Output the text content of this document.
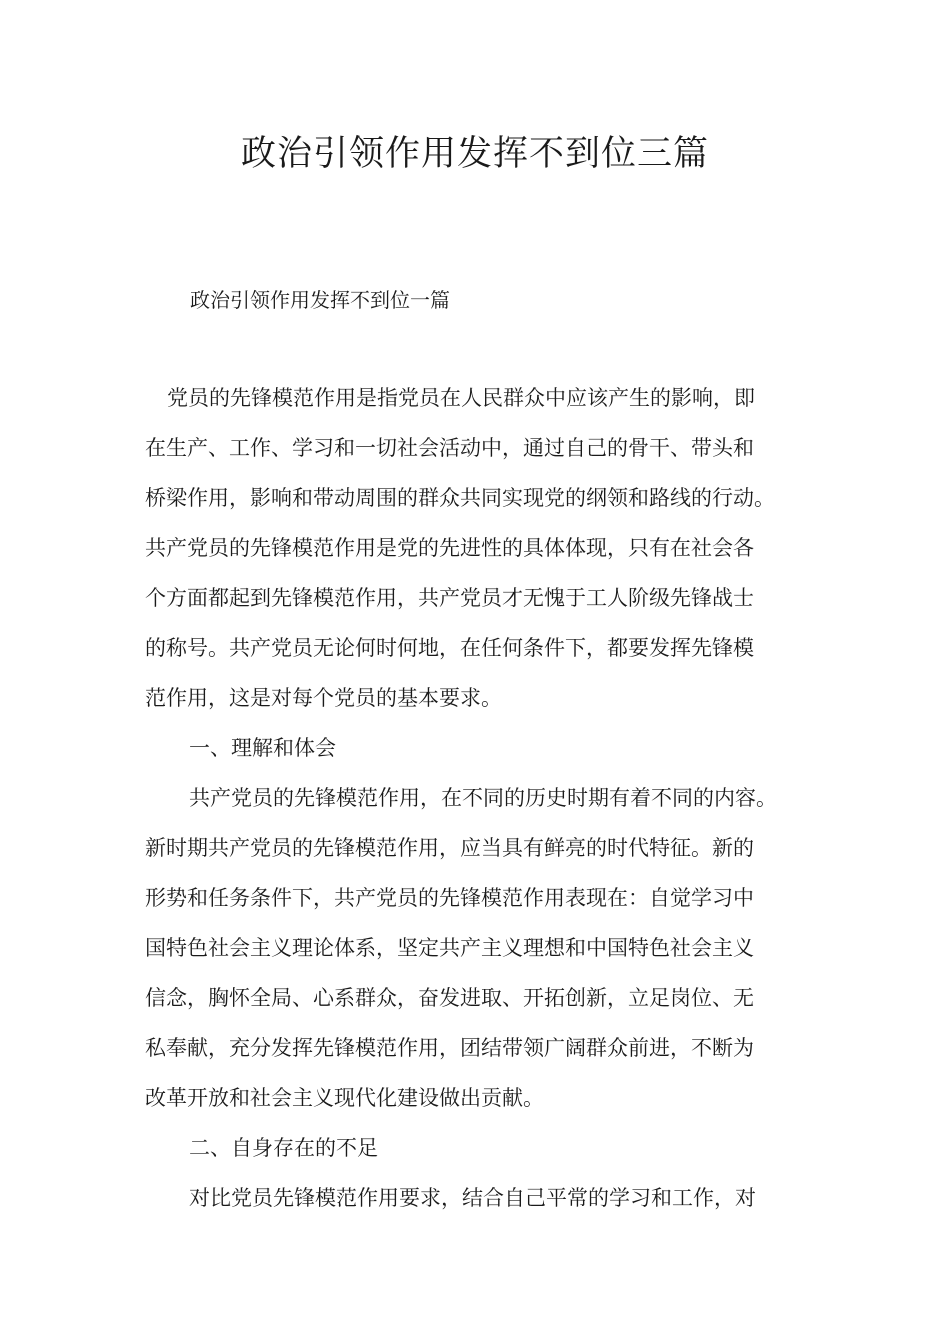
政治引领作用发挥不到位三篇

政治引领作用发挥不到位一篇

党员的先锋模范作用是指党员在人民群众中应该产生的影响，即
在生产、工作、学习和一切社会活动中，通过自己的骨干、带头和
桥梁作用，影响和带动周围的群众共同实现党的纲领和路线的行动。
共产党员的先锋模范作用是党的先进性的具体体现，只有在社会各
个方面都起到先锋模范作用，共产党员才无愧于工人阶级先锋战士
的称号。共产党员无论何时何地，在任何条件下，都要发挥先锋模
范作用，这是对每个党员的基本要求。
一、理解和体会
共产党员的先锋模范作用，在不同的历史时期有着不同的内容。
新时期共产党员的先锋模范作用，应当具有鲜亮的时代特征。新的
形势和任务条件下，共产党员的先锋模范作用表现在：自觉学习中
国特色社会主义理论体系，坚定共产主义理想和中国特色社会主义
信念，胸怀全局、心系群众，奋发进取、开拓创新，立足岗位、无
私奉献，充分发挥先锋模范作用，团结带领广阔群众前进，不断为
改革开放和社会主义现代化建设做出贡献。
二、自身存在的不足
对比党员先锋模范作用要求，结合自己平常的学习和工作，对
